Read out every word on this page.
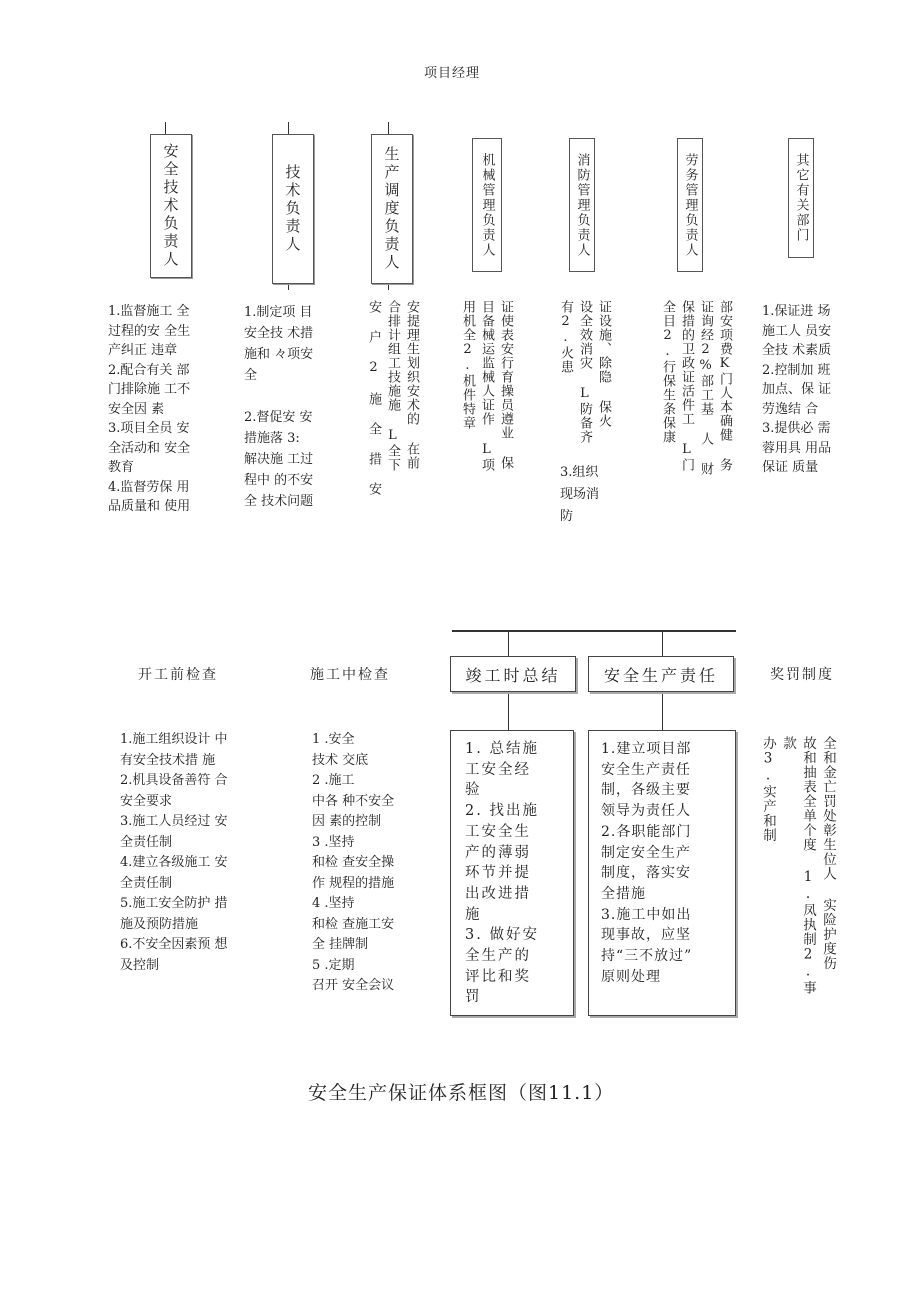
项目经理
安全技术负责人	技术负责人	生产调度负责人	机械管理负责人	消防管理负责人	劳务管理负责人	其它有关部门
1.监督施工 全
过程的安 全生
产纠正 违章
2.配合有关 部
门排除施 工不
安全因 素
3.项目全员 安
全活动和 安全
教育
4.监督劳保 用
品质量和 使用
1.制定项 目
安全技 术措
施和 々项安
全

2.督促安 安
措施落 3:
解决施 工过
程中 的不安
全 技术问题
安提理生划织安术的 在前
合排计组工技施施 L全下
安 户 2 施 全 措 安
证使表安行育操员遵业 保
目备械运监械人证作 L项
用机全2.机件特章	证设施、除隐 保火
设全效消灾 L防备齐
有2.火患
3.组织
现场消
防
部安项费K门人本确健 务
证询经2%部工基 人 财
保措的卫政证活件工 L门
全目2.行保生条保康	1.保证进 场
施工人 员安
全技 术素质
2.控制加 班
加点、保 证
劳逸结 合
3.提供必 需
蓉用具 用品
保证 质量
开工前检查	施工中检查	竣工时总结	安全生产责任	奖罚制度
1.施工组织设计 中
有安全技术措 施
2.机具设备善符 合
安全要求
3.施工人员经过 安
全责任制
4.建立各级施工 安
全责任制
5.施工安全防护 措
施及预防措施
6.不安全因素预 想
及控制
1 .安全
技术 交底
2 .施工
中各 种不安全
因 素的控制
3 .坚持
和检 查安全操
作 规程的措施
4 .坚持
和检 查施工安
全 挂牌制
5 .定期
召开 安全会议
1. 总结施
工安全经
验
2. 找出施
工安全生
产的薄弱
环节并提
出改进措
施
3. 做好安
全生产的
评比和奖
罚
1.建立项目部
安全生产责任
制，各级主要
领导为责任人
2.各职能部门
制定安全生产
制度，落实安
全措施
3.施工中如出
现事故，应坚
持“三不放过”
原则处理
全和金亡罚处彰生位人 实险护度伤
故和抽表全单个度 1.凤执制2.事款
办3.实产和制
安全生产保证体系框图（图11.1）
